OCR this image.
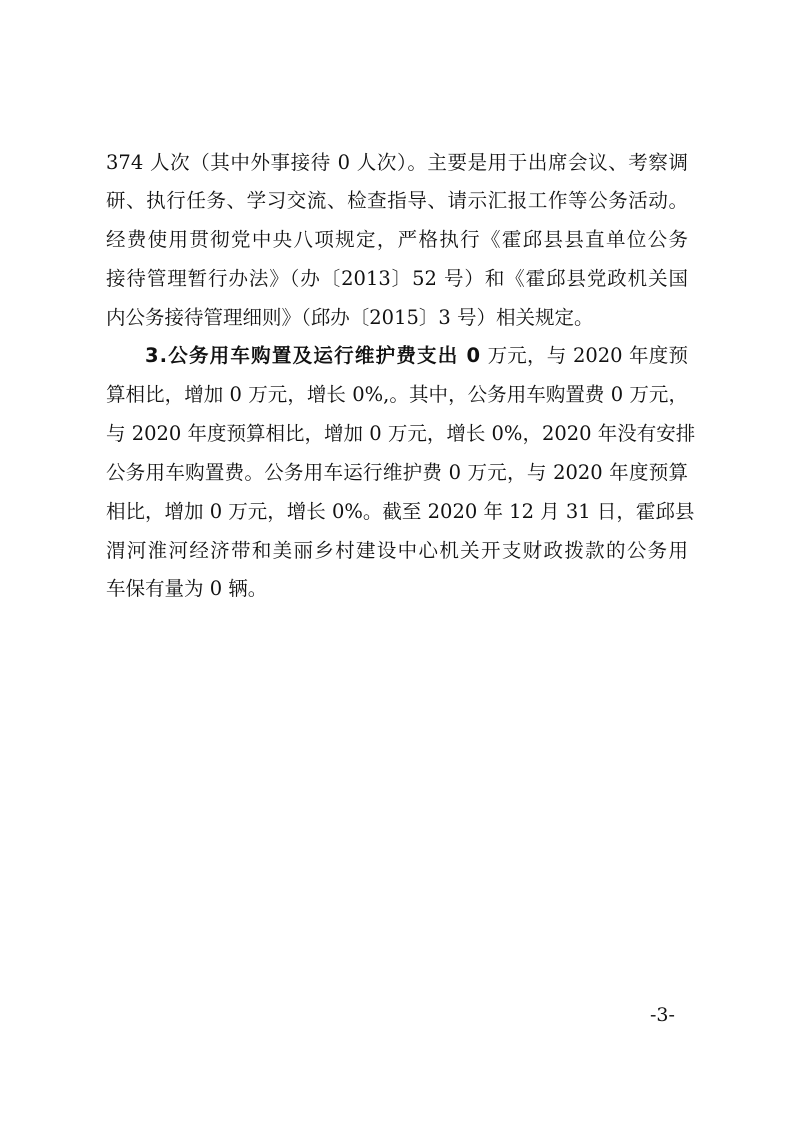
374 人次（其中外事接待 0 人次）。主要是用于出席会议、考察调
研、执行任务、学习交流、检查指导、请示汇报工作等公务活动。
经费使用贯彻党中央八项规定，严格执行《霍邱县县直单位公务
接待管理暂行办法》（办〔2013〕52 号）和《霍邱县党政机关国
内公务接待管理细则》（邱办〔2015〕3 号）相关规定。
3.公务用车购置及运行维护费支出 0 万元，与 2020 年度预
算相比，增加 0 万元，增长 0%,。其中，公务用车购置费 0 万元，
与 2020 年度预算相比，增加 0 万元，增长 0%，2020 年没有安排
公务用车购置费。公务用车运行维护费 0 万元，与 2020 年度预算
相比，增加 0 万元，增长 0%。截至 2020 年 12 月 31 日，霍邱县
渭河淮河经济带和美丽乡村建设中心机关开支财政拨款的公务用
车保有量为 0 辆。
-3-
